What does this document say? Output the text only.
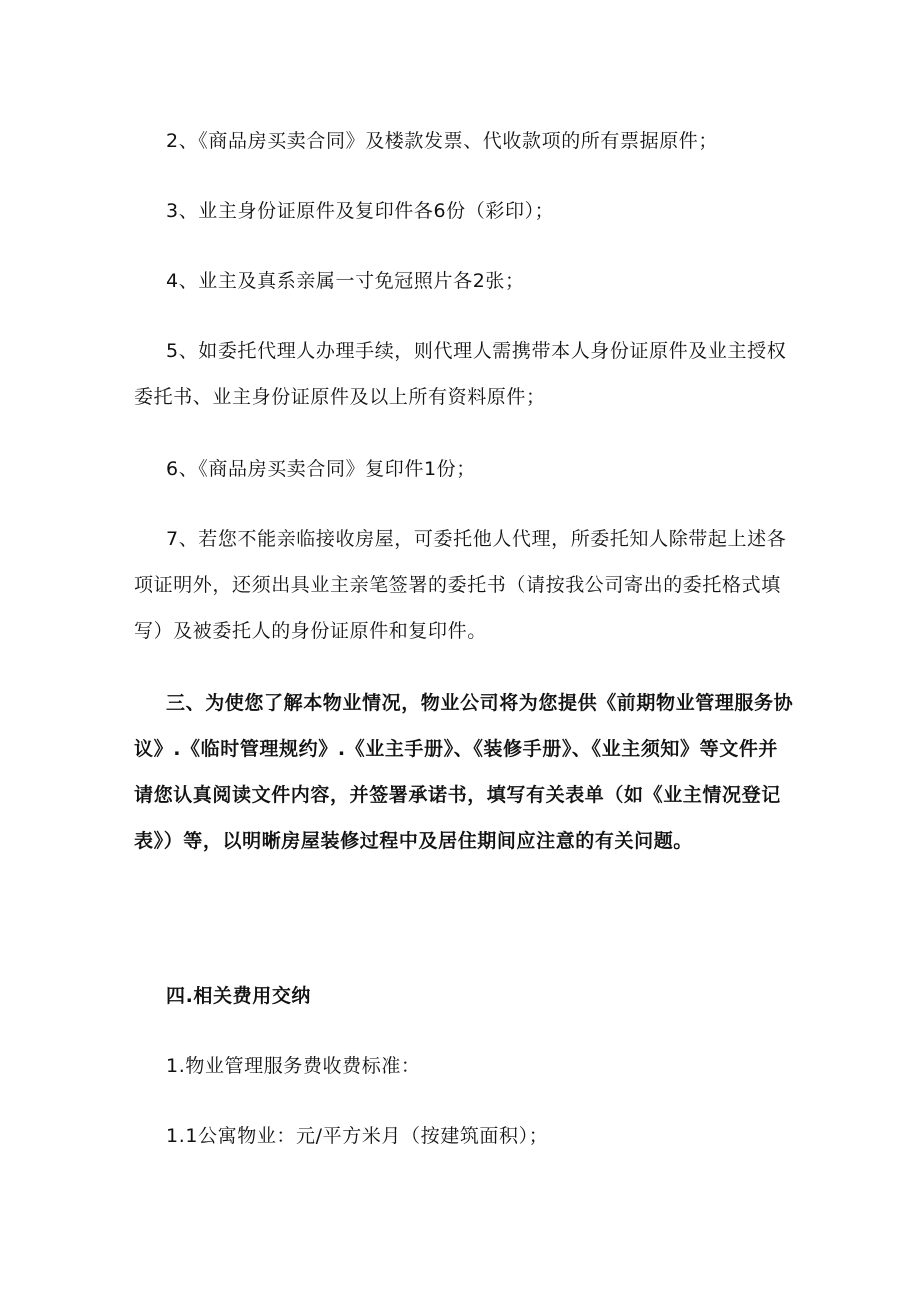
2、《商品房买卖合同》及楼款发票、代收款项的所有票据原件；
3、业主身份证原件及复印件各6份（彩印）；
4、业主及真系亲属一寸免冠照片各2张；
5、如委托代理人办理手续，则代理人需携带本人身份证原件及业主授权委托书、业主身份证原件及以上所有资料原件；
6、《商品房买卖合同》复印件1份；
7、若您不能亲临接收房屋，可委托他人代理，所委托知人除带起上述各项证明外，还须出具业主亲笔签署的委托书（请按我公司寄出的委托格式填写）及被委托人的身份证原件和复印件。
三、为使您了解本物业情况，物业公司将为您提供《前期物业管理服务协议》.《临时管理规约》.《业主手册》、《装修手册》、《业主须知》等文件并请您认真阅读文件内容，并签署承诺书，填写有关表单（如《业主情况登记表》）等，以明晰房屋装修过程中及居住期间应注意的有关问题。
四.相关费用交纳
1.物业管理服务费收费标准：
1.1公寓物业：元/平方米月（按建筑面积）；
